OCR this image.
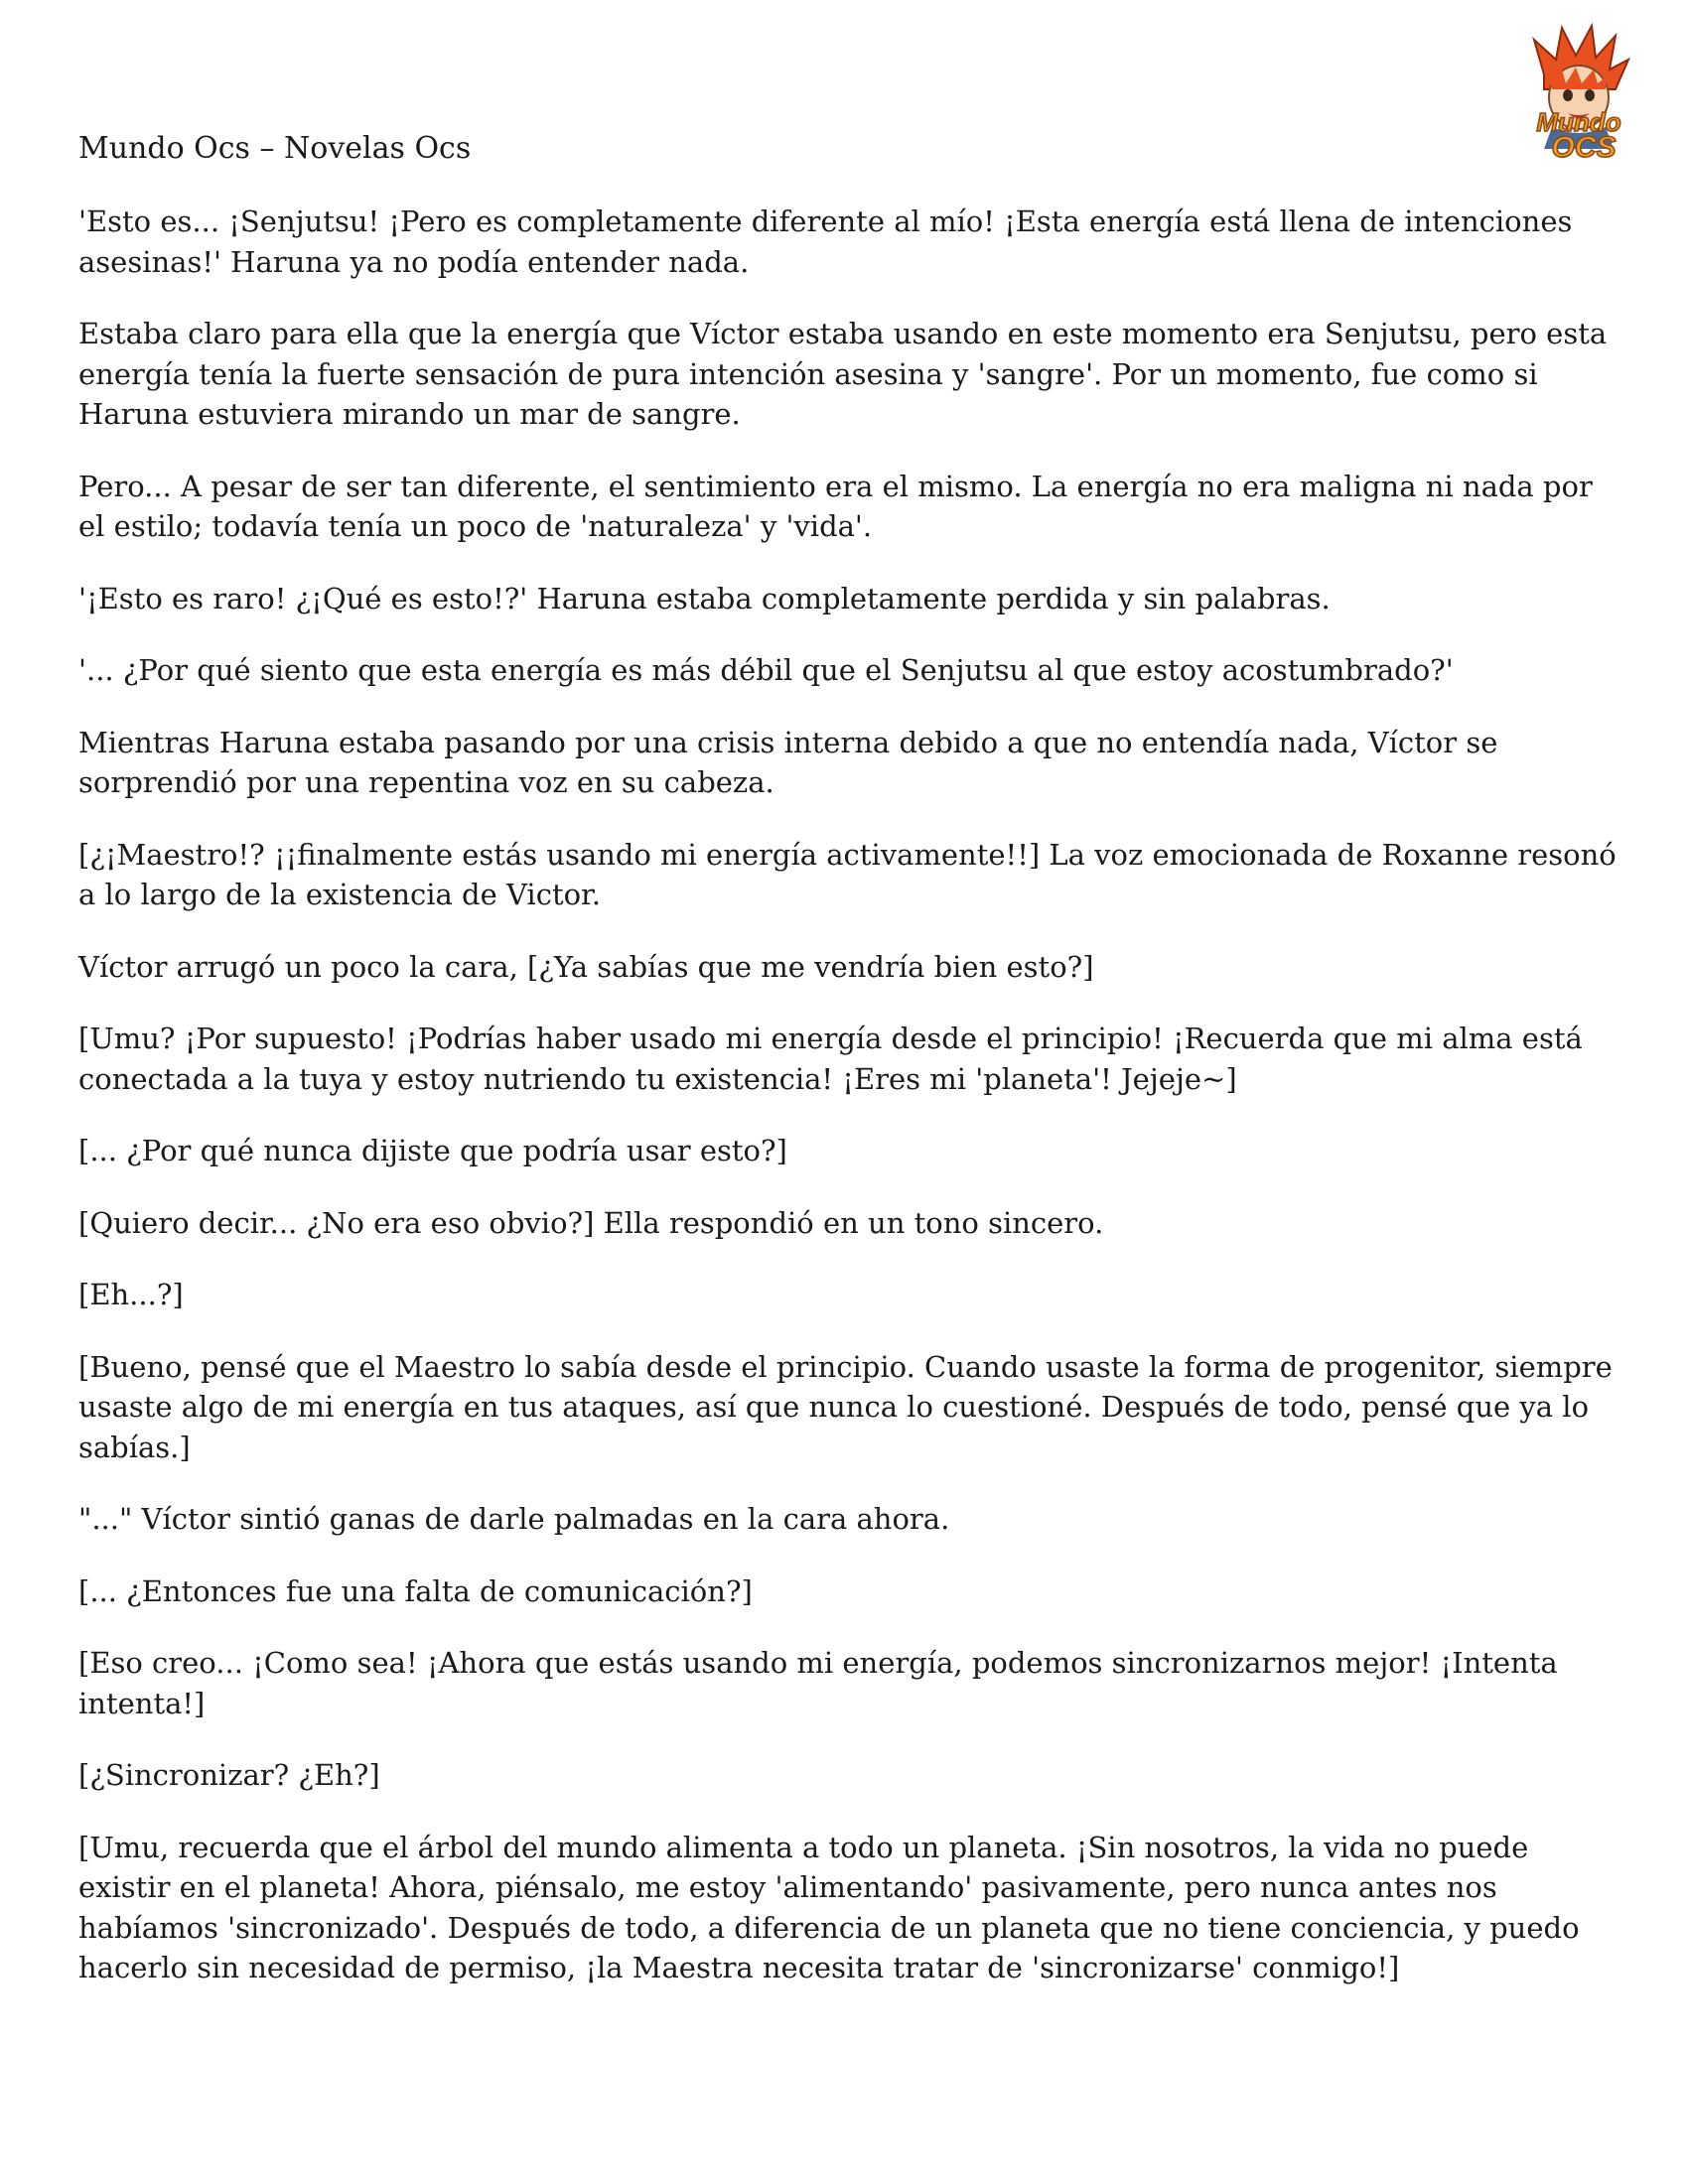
Mundo
OCS
Mundo Ocs – Novelas Ocs

'Esto es... ¡Senjutsu! ¡Pero es completamente diferente al mío! ¡Esta energía está llena de intenciones asesinas!' Haruna ya no podía entender nada.

Estaba claro para ella que la energía que Víctor estaba usando en este momento era Senjutsu, pero esta energía tenía la fuerte sensación de pura intención asesina y 'sangre'. Por un momento, fue como si Haruna estuviera mirando un mar de sangre.

Pero... A pesar de ser tan diferente, el sentimiento era el mismo. La energía no era maligna ni nada por el estilo; todavía tenía un poco de 'naturaleza' y 'vida'.

'¡Esto es raro! ¿¡Qué es esto!?' Haruna estaba completamente perdida y sin palabras.

'... ¿Por qué siento que esta energía es más débil que el Senjutsu al que estoy acostumbrado?'

Mientras Haruna estaba pasando por una crisis interna debido a que no entendía nada, Víctor se sorprendió por una repentina voz en su cabeza.

[¿¡Maestro!? ¡¡finalmente estás usando mi energía activamente!!] La voz emocionada de Roxanne resonó a lo largo de la existencia de Victor.

Víctor arrugó un poco la cara, [¿Ya sabías que me vendría bien esto?]

[Umu? ¡Por supuesto! ¡Podrías haber usado mi energía desde el principio! ¡Recuerda que mi alma está conectada a la tuya y estoy nutriendo tu existencia! ¡Eres mi 'planeta'! Jejeje~]

[... ¿Por qué nunca dijiste que podría usar esto?]

[Quiero decir... ¿No era eso obvio?] Ella respondió en un tono sincero.

[Eh...?]

[Bueno, pensé que el Maestro lo sabía desde el principio. Cuando usaste la forma de progenitor, siempre usaste algo de mi energía en tus ataques, así que nunca lo cuestioné. Después de todo, pensé que ya lo sabías.]

"..." Víctor sintió ganas de darle palmadas en la cara ahora.

[... ¿Entonces fue una falta de comunicación?]

[Eso creo... ¡Como sea! ¡Ahora que estás usando mi energía, podemos sincronizarnos mejor! ¡Intenta intenta!]

[¿Sincronizar? ¿Eh?]

[Umu, recuerda que el árbol del mundo alimenta a todo un planeta. ¡Sin nosotros, la vida no puede existir en el planeta! Ahora, piénsalo, me estoy 'alimentando' pasivamente, pero nunca antes nos habíamos 'sincronizado'. Después de todo, a diferencia de un planeta que no tiene conciencia, y puedo hacerlo sin necesidad de permiso, ¡la Maestra necesita tratar de 'sincronizarse' conmigo!]
